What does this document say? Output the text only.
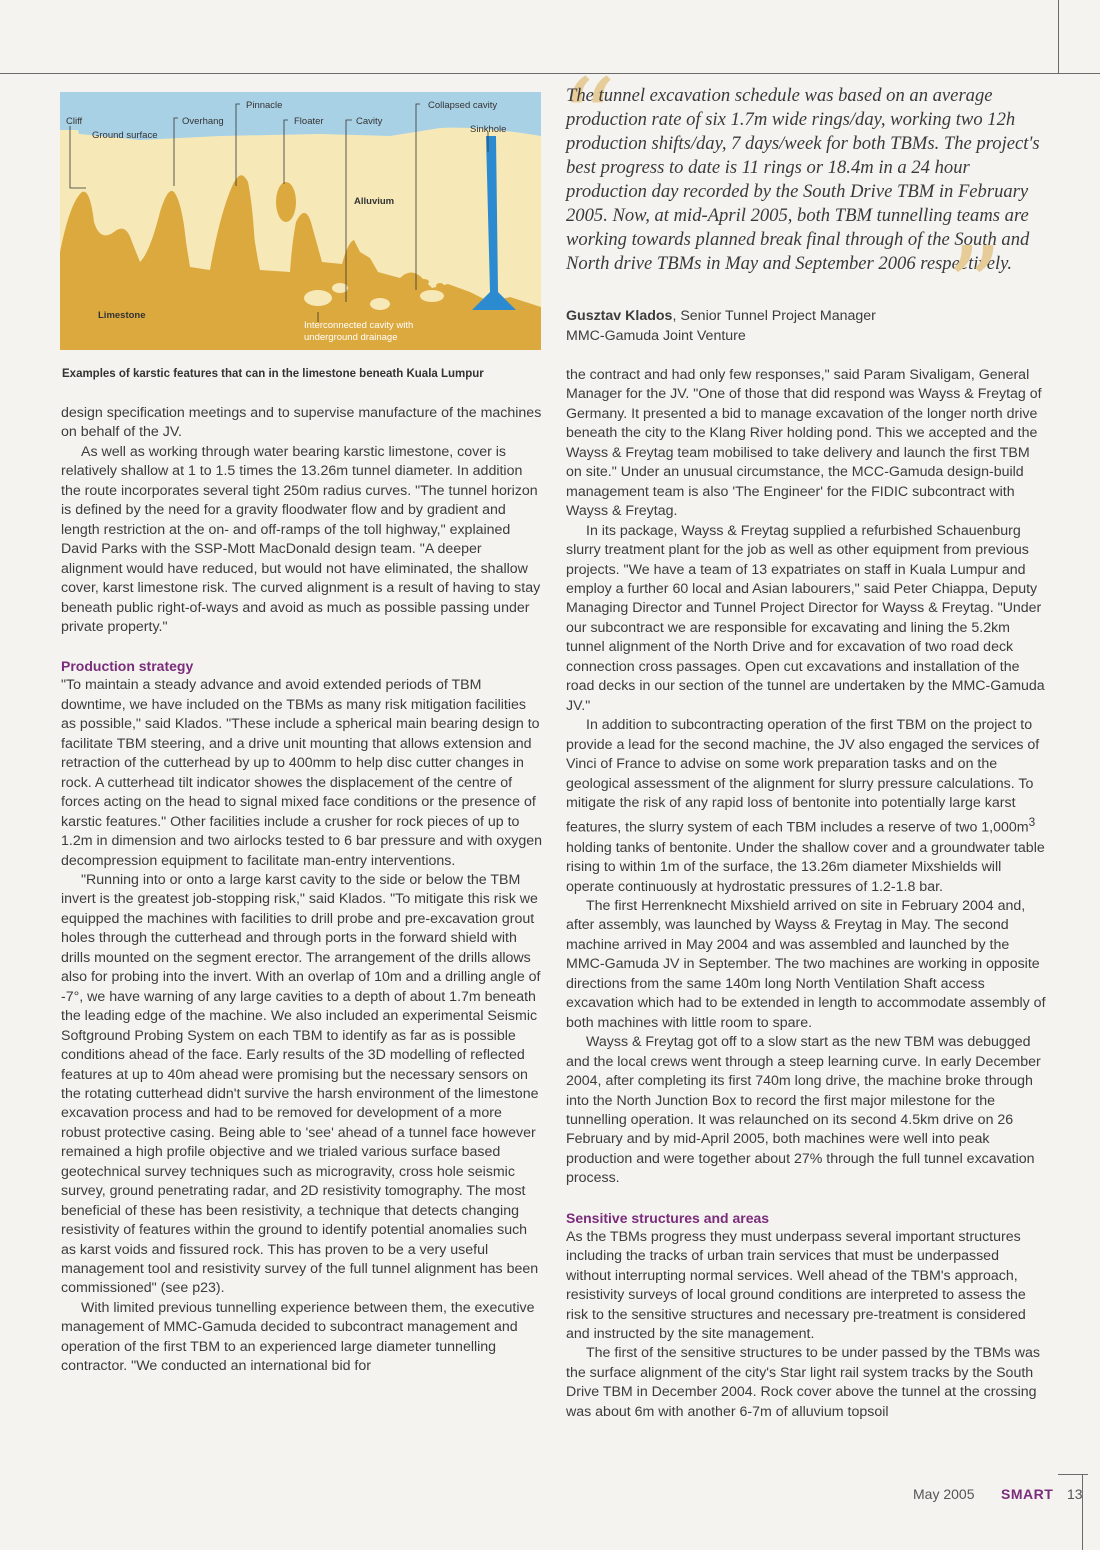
Cliff
Ground surface
Pinnacle
Overhang	Floater	Cavity
Collapsed cavity
Sinkhole
Alluvium
Limestone
Interconnected cavity with
underground drainage
Examples of karstic features that can in the limestone beneath Kuala Lumpur
“
The tunnel excavation schedule was based on an average production rate of six 1.7m wide rings/day, working two 12h production shifts/day, 7 days/week for both TBMs. The project's best progress to date is 11 rings or 18.4m in a 24 hour production day recorded by the South Drive TBM in February 2005. Now, at mid-April 2005, both TBM tunnelling teams are working towards planned break final through of the South and North drive TBMs in May and September 2006 respectively.
”
Gusztav Klados, Senior Tunnel Project Manager
MMC-Gamuda Joint Venture

design specification meetings and to supervise manufacture of the machines on behalf of the JV.

As well as working through water bearing karstic limestone, cover is relatively shallow at 1 to 1.5 times the 13.26m tunnel diameter. In addition the route incorporates several tight 250m radius curves. "The tunnel horizon is defined by the need for a gravity floodwater flow and by gradient and length restriction at the on- and off-ramps of the toll highway," explained David Parks with the SSP-Mott MacDonald design team. "A deeper alignment would have reduced, but would not have eliminated, the shallow cover, karst limestone risk. The curved alignment is a result of having to stay beneath public right-of-ways and avoid as much as possible passing under private property."

Production strategy

"To maintain a steady advance and avoid extended periods of TBM downtime, we have included on the TBMs as many risk mitigation facilities as possible," said Klados. "These include a spherical main bearing design to facilitate TBM steering, and a drive unit mounting that allows extension and retraction of the cutterhead by up to 400mm to help disc cutter changes in rock. A cutterhead tilt indicator showes the displacement of the centre of forces acting on the head to signal mixed face conditions or the presence of karstic features." Other facilities include a crusher for rock pieces of up to 1.2m in dimension and two airlocks tested to 6 bar pressure and with oxygen decompression equipment to facilitate man-entry interventions.

"Running into or onto a large karst cavity to the side or below the TBM invert is the greatest job-stopping risk," said Klados. "To mitigate this risk we equipped the machines with facilities to drill probe and pre-excavation grout holes through the cutterhead and through ports in the forward shield with drills mounted on the segment erector. The arrangement of the drills allows also for probing into the invert. With an overlap of 10m and a drilling angle of -7°, we have warning of any large cavities to a depth of about 1.7m beneath the leading edge of the machine. We also included an experimental Seismic Softground Probing System on each TBM to identify as far as is possible conditions ahead of the face. Early results of the 3D modelling of reflected features at up to 40m ahead were promising but the necessary sensors on the rotating cutterhead didn't survive the harsh environment of the limestone excavation process and had to be removed for development of a more robust protective casing. Being able to 'see' ahead of a tunnel face however remained a high profile objective and we trialed various surface based geotechnical survey techniques such as microgravity, cross hole seismic survey, ground penetrating radar, and 2D resistivity tomography. The most beneficial of these has been resistivity, a technique that detects changing resistivity of features within the ground to identify potential anomalies such as karst voids and fissured rock. This has proven to be a very useful management tool and resistivity survey of the full tunnel alignment has been commissioned" (see p23).

With limited previous tunnelling experience between them, the executive management of MMC-Gamuda decided to subcontract management and operation of the first TBM to an experienced large diameter tunnelling contractor. "We conducted an international bid for

the contract and had only few responses," said Param Sivaligam, General Manager for the JV. "One of those that did respond was Wayss & Freytag of Germany. It presented a bid to manage excavation of the longer north drive beneath the city to the Klang River holding pond. This we accepted and the Wayss & Freytag team mobilised to take delivery and launch the first TBM on site." Under an unusual circumstance, the MCC-Gamuda design-build management team is also 'The Engineer' for the FIDIC subcontract with Wayss & Freytag.

In its package, Wayss & Freytag supplied a refurbished Schauenburg slurry treatment plant for the job as well as other equipment from previous projects. "We have a team of 13 expatriates on staff in Kuala Lumpur and employ a further 60 local and Asian labourers," said Peter Chiappa, Deputy Managing Director and Tunnel Project Director for Wayss & Freytag. "Under our subcontract we are responsible for excavating and lining the 5.2km tunnel alignment of the North Drive and for excavation of two road deck connection cross passages. Open cut excavations and installation of the road decks in our section of the tunnel are undertaken by the MMC-Gamuda JV."

In addition to subcontracting operation of the first TBM on the project to provide a lead for the second machine, the JV also engaged the services of Vinci of France to advise on some work preparation tasks and on the geological assessment of the alignment for slurry pressure calculations. To mitigate the risk of any rapid loss of bentonite into potentially large karst features, the slurry system of each TBM includes a reserve of two $1,000m^3$ holding tanks of bentonite. Under the shallow cover and a groundwater table rising to within 1m of the surface, the 13.26m diameter Mixshields will operate continuously at hydrostatic pressures of 1.2-1.8 bar.

The first Herrenknecht Mixshield arrived on site in February 2004 and, after assembly, was launched by Wayss & Freytag in May. The second machine arrived in May 2004 and was assembled and launched by the MMC-Gamuda JV in September. The two machines are working in opposite directions from the same 140m long North Ventilation Shaft access excavation which had to be extended in length to accommodate assembly of both machines with little room to spare.

Wayss & Freytag got off to a slow start as the new TBM was debugged and the local crews went through a steep learning curve. In early December 2004, after completing its first 740m long drive, the machine broke through into the North Junction Box to record the first major milestone for the tunnelling operation. It was relaunched on its second 4.5km drive on 26 February and by mid-April 2005, both machines were well into peak production and were together about 27% through the full tunnel excavation process.

Sensitive structures and areas

As the TBMs progress they must underpass several important structures including the tracks of urban train services that must be underpassed without interrupting normal services. Well ahead of the TBM's approach, resistivity surveys of local ground conditions are interpreted to assess the risk to the sensitive structures and necessary pre-treatment is considered and instructed by the site management.

The first of the sensitive structures to be under passed by the TBMs was the surface alignment of the city's Star light rail system tracks by the South Drive TBM in December 2004. Rock cover above the tunnel at the crossing was about 6m with another 6-7m of alluvium topsoil

May 2005 SMART 13
